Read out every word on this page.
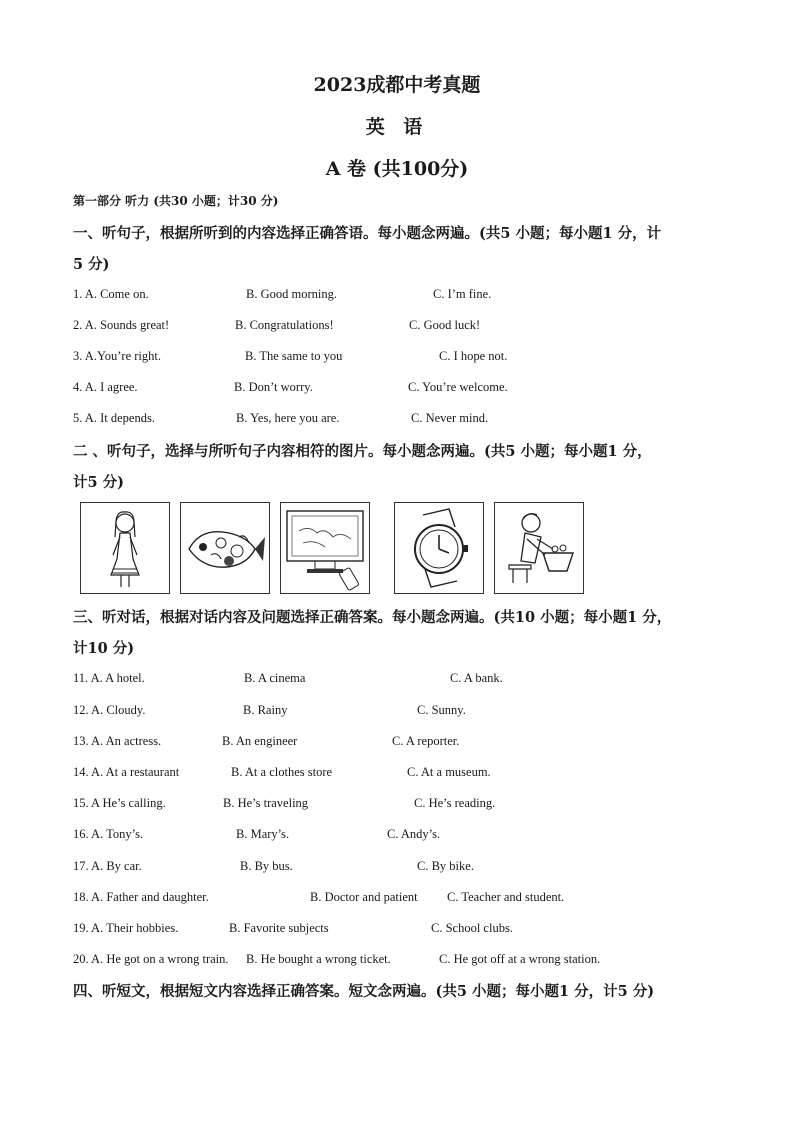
2023成都中考真题
英 语
A 卷 (共100分)
第一部分 听力 (共30 小题；计30 分)
一、听句子，根据所听到的内容选择正确答语。每小题念两遍。(共5 小题；每小题1 分，计
5 分)
1. A. Come on.	B. Good morning.	C. I’m fine.
2. A. Sounds great!	B. Congratulations!	C. Good luck!
3. A.You’re right.	B. The same to you	C. I hope not.
4. A. I agree.	B. Don’t worry.	C. You’re welcome.
5. A. It depends.	B. Yes, here you are.	C. Never mind.
二 、听句子，选择与所听句子内容相符的图片。每小题念两遍。(共5 小题；每小题1 分，
计5 分)
三、听对话，根据对话内容及问题选择正确答案。每小题念两遍。(共10 小题；每小题1 分，
计10 分)
11. A. A hotel.	B. A cinema	C. A bank.
12. A. Cloudy.	B. Rainy	C. Sunny.
13. A. An actress.	B. An engineer	C. A reporter.
14. A. At a restaurant	B. At a clothes store	C. At a museum.
15. A He’s calling.	B. He’s traveling	C. He’s reading.
16. A. Tony’s.	B. Mary’s.	C. Andy’s.
17. A. By car.	B. By bus.	C. By bike.
18. A. Father and daughter.	B. Doctor and patient C. Teacher and student.
19. A. Their hobbies.	B. Favorite subjects	C. School clubs.
20. A. He got on a wrong train. B. He bought a wrong ticket.	C. He got off at a wrong station.
四、听短文，根据短文内容选择正确答案。短文念两遍。(共5 小题；每小题1 分，计5 分)
